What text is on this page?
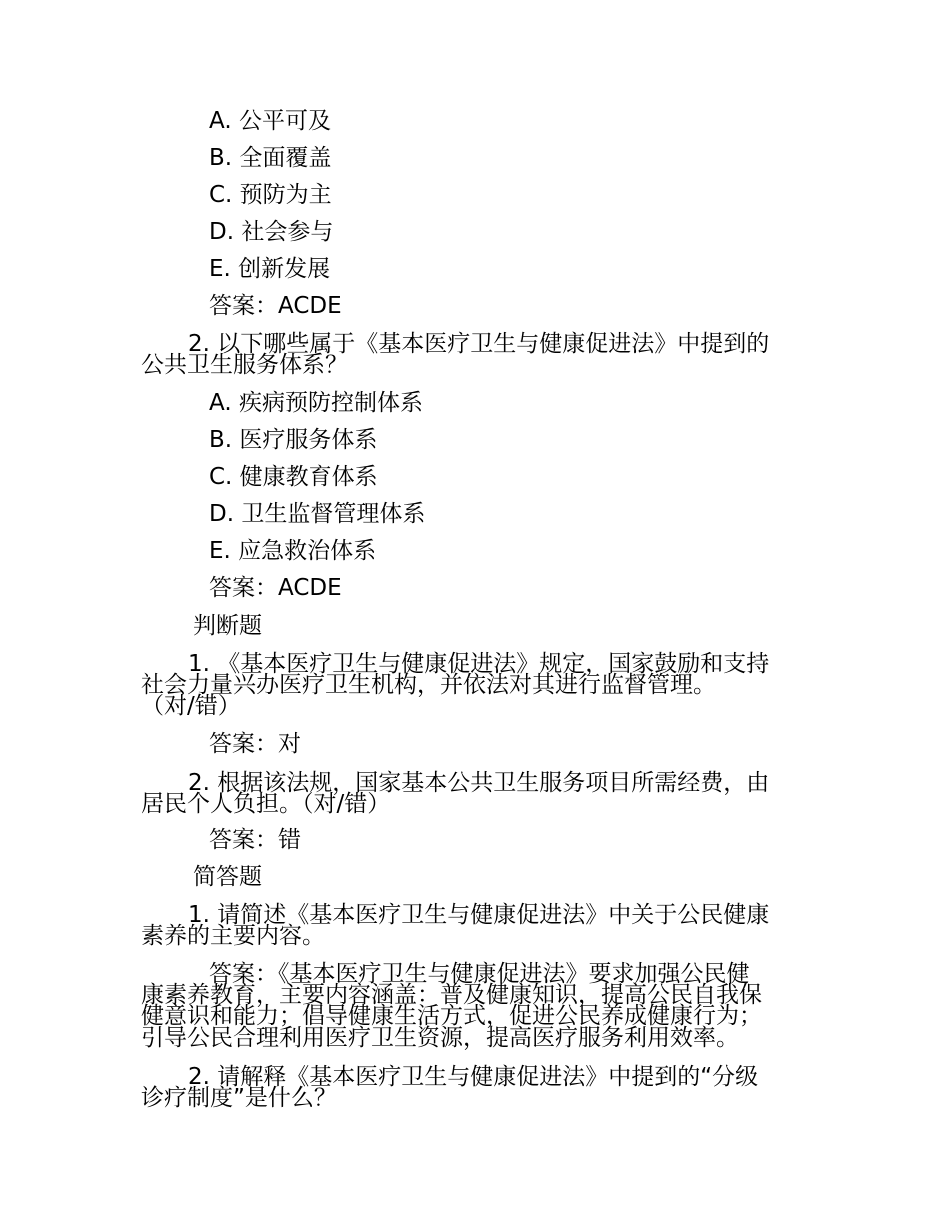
A. 公平可及
B. 全面覆盖
C. 预防为主
D. 社会参与
E. 创新发展
答案：ACDE
2. 以下哪些属于《基本医疗卫生与健康促进法》中提到的
公共卫生服务体系？
A. 疾病预防控制体系
B. 医疗服务体系
C. 健康教育体系
D. 卫生监督管理体系
E. 应急救治体系
答案：ACDE
判断题
1. 《基本医疗卫生与健康促进法》规定，国家鼓励和支持
社会力量兴办医疗卫生机构，并依法对其进行监督管理。
（对/错）
答案：对
2. 根据该法规，国家基本公共卫生服务项目所需经费，由
居民个人负担。（对/错）
答案：错
简答题
1. 请简述《基本医疗卫生与健康促进法》中关于公民健康
素养的主要内容。
答案：《基本医疗卫生与健康促进法》要求加强公民健
康素养教育，主要内容涵盖：普及健康知识，提高公民自我保
健意识和能力；倡导健康生活方式，促进公民养成健康行为；
引导公民合理利用医疗卫生资源，提高医疗服务利用效率。
2. 请解释《基本医疗卫生与健康促进法》中提到的“分级
诊疗制度”是什么？
